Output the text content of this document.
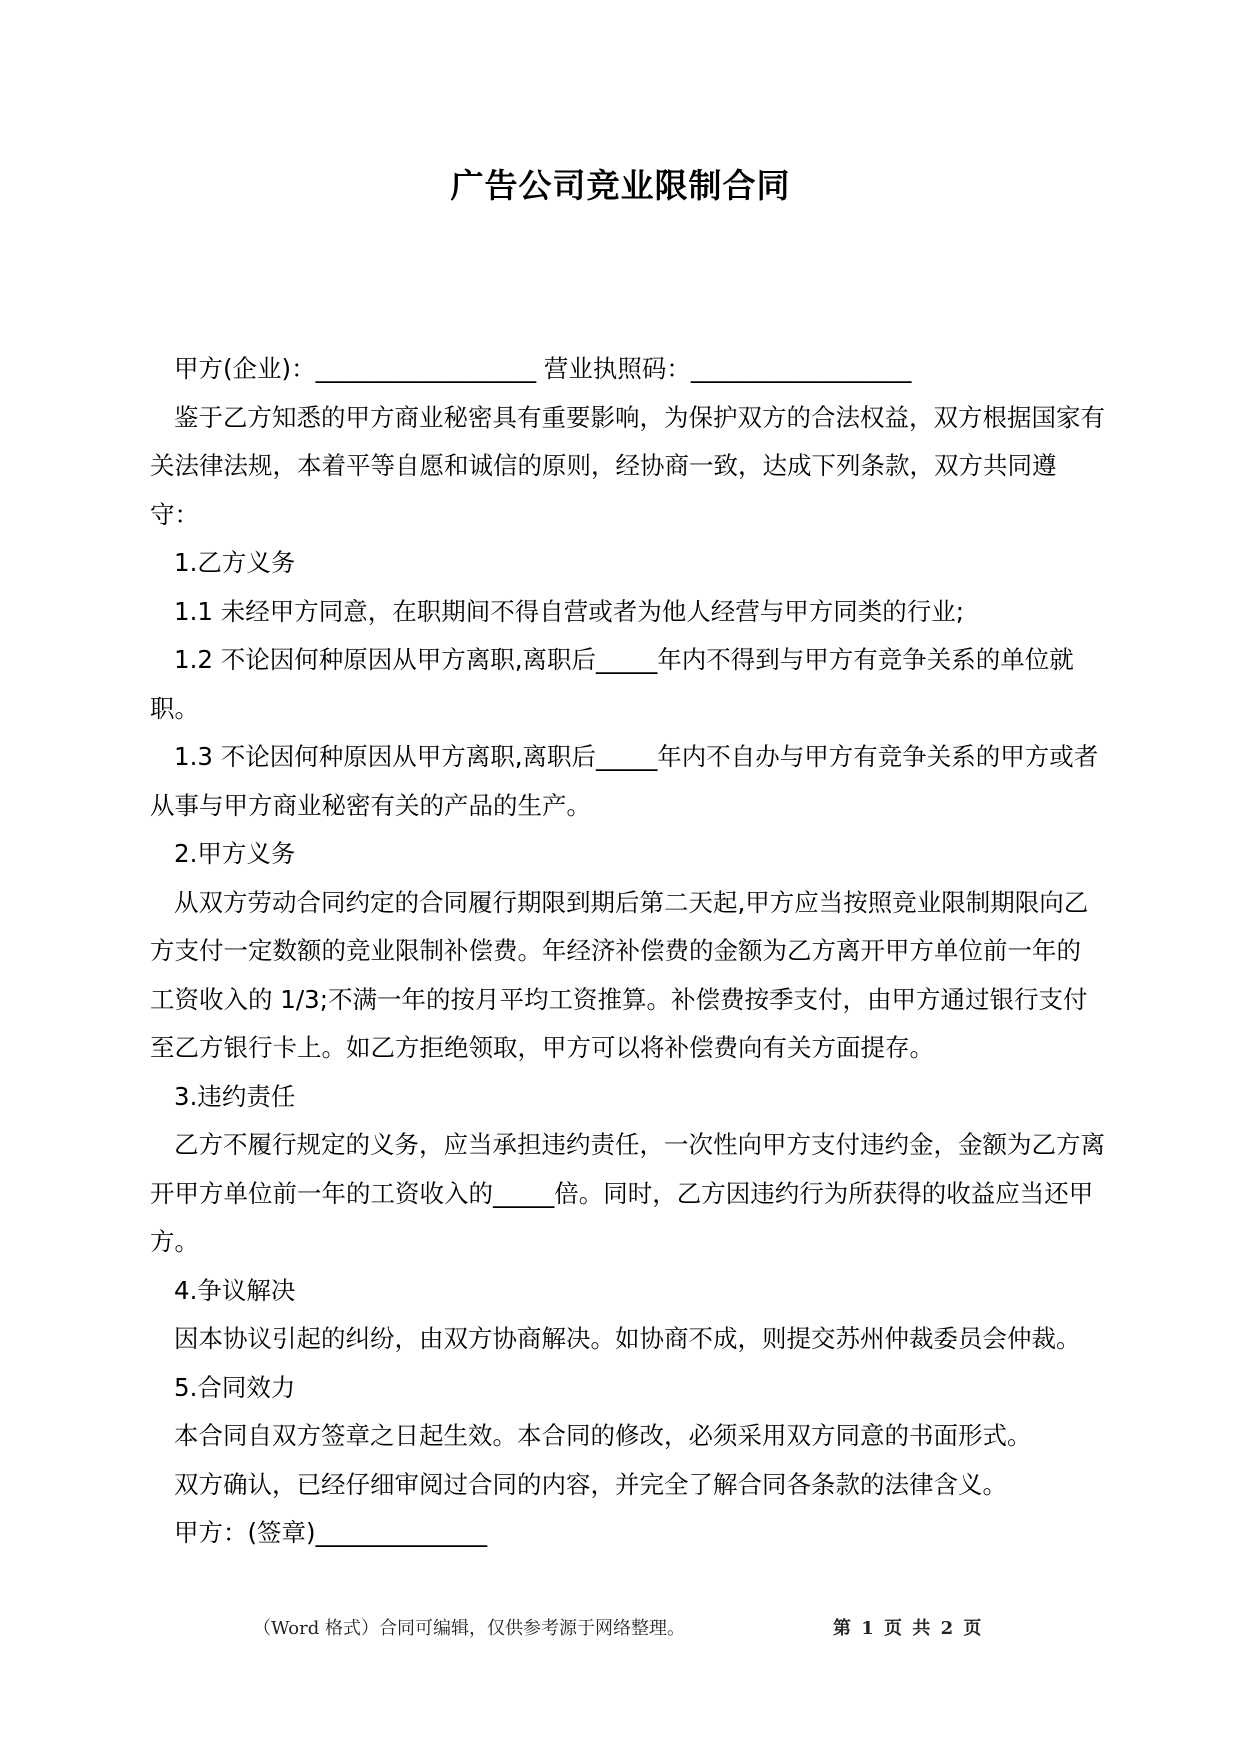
广告公司竞业限制合同

甲方(企业)：__________________ 营业执照码：__________________

鉴于乙方知悉的甲方商业秘密具有重要影响，为保护双方的合法权益，双方根据国家有关法律法规，本着平等自愿和诚信的原则，经协商一致，达成下列条款，双方共同遵守：

1.乙方义务

1.1 未经甲方同意，在职期间不得自营或者为他人经营与甲方同类的行业;

1.2 不论因何种原因从甲方离职,离职后_____年内不得到与甲方有竞争关系的单位就职。

1.3 不论因何种原因从甲方离职,离职后_____年内不自办与甲方有竞争关系的甲方或者从事与甲方商业秘密有关的产品的生产。

2.甲方义务

从双方劳动合同约定的合同履行期限到期后第二天起,甲方应当按照竞业限制期限向乙方支付一定数额的竞业限制补偿费。年经济补偿费的金额为乙方离开甲方单位前一年的工资收入的 1/3;不满一年的按月平均工资推算。补偿费按季支付，由甲方通过银行支付至乙方银行卡上。如乙方拒绝领取，甲方可以将补偿费向有关方面提存。

3.违约责任

乙方不履行规定的义务，应当承担违约责任，一次性向甲方支付违约金，金额为乙方离开甲方单位前一年的工资收入的_____倍。同时，乙方因违约行为所获得的收益应当还甲方。

4.争议解决

因本协议引起的纠纷，由双方协商解决。如协商不成，则提交苏州仲裁委员会仲裁。

5.合同效力

本合同自双方签章之日起生效。本合同的修改，必须采用双方同意的书面形式。

双方确认，已经仔细审阅过合同的内容，并完全了解合同各条款的法律含义。

甲方：(签章)______________

（Word 格式）合同可编辑，仅供参考源于网络整理。	第 1 页 共 2 页
